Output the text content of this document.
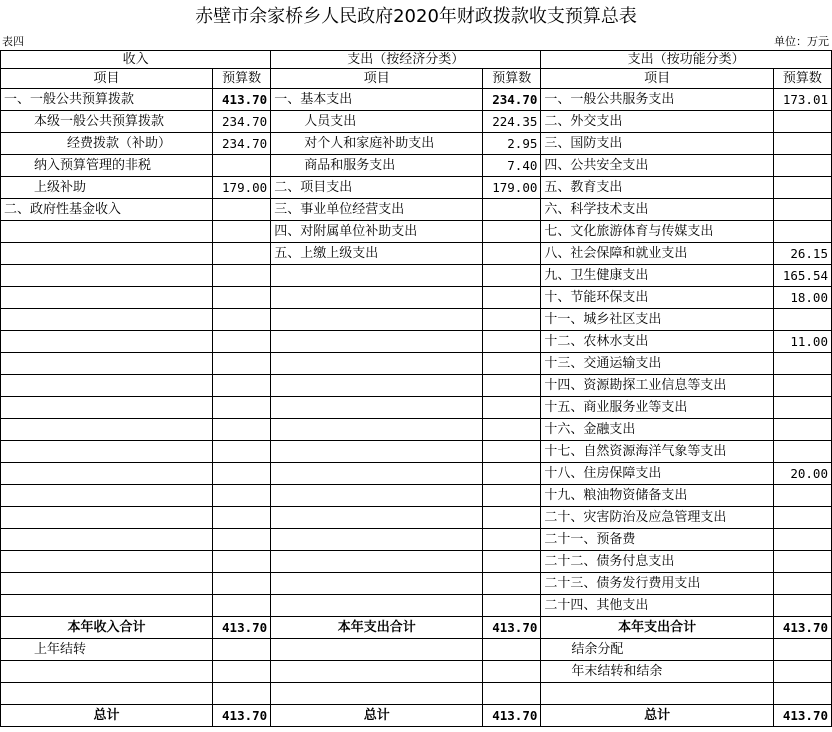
赤壁市余家桥乡人民政府2020年财政拨款收支预算总表
表四	单位：万元
收入		支出（按经济分类）		支出（按功能分类）	
项目	预算数	项目	预算数	项目	预算数
一、一般公共预算拨款	413.70	一、基本支出	234.70	一、一般公共服务支出	173.01
本级一般公共预算拨款	234.70	人员支出	224.35	二、外交支出	
经费拨款（补助）	234.70	对个人和家庭补助支出	2.95	三、国防支出	
纳入预算管理的非税		商品和服务支出	7.40	四、公共安全支出	
上级补助	179.00	二、项目支出	179.00	五、教育支出	
二、政府性基金收入		三、事业单位经营支出		六、科学技术支出	
		四、对附属单位补助支出		七、文化旅游体育与传媒支出	
		五、上缴上级支出		八、社会保障和就业支出	26.15
				九、卫生健康支出	165.54
				十、节能环保支出	18.00
				十一、城乡社区支出	
				十二、农林水支出	11.00
				十三、交通运输支出	
				十四、资源勘探工业信息等支出	
				十五、商业服务业等支出	
				十六、金融支出	
				十七、自然资源海洋气象等支出	
				十八、住房保障支出	20.00
				十九、粮油物资储备支出	
				二十、灾害防治及应急管理支出	
				二十一、预备费	
				二十二、债务付息支出	
				二十三、债务发行费用支出	
				二十四、其他支出	
本年收入合计	413.70	本年支出合计	413.70	本年支出合计	413.70
上年结转				结余分配	
				年末结转和结余	

总计	413.70	总计	413.70	总计	413.70
